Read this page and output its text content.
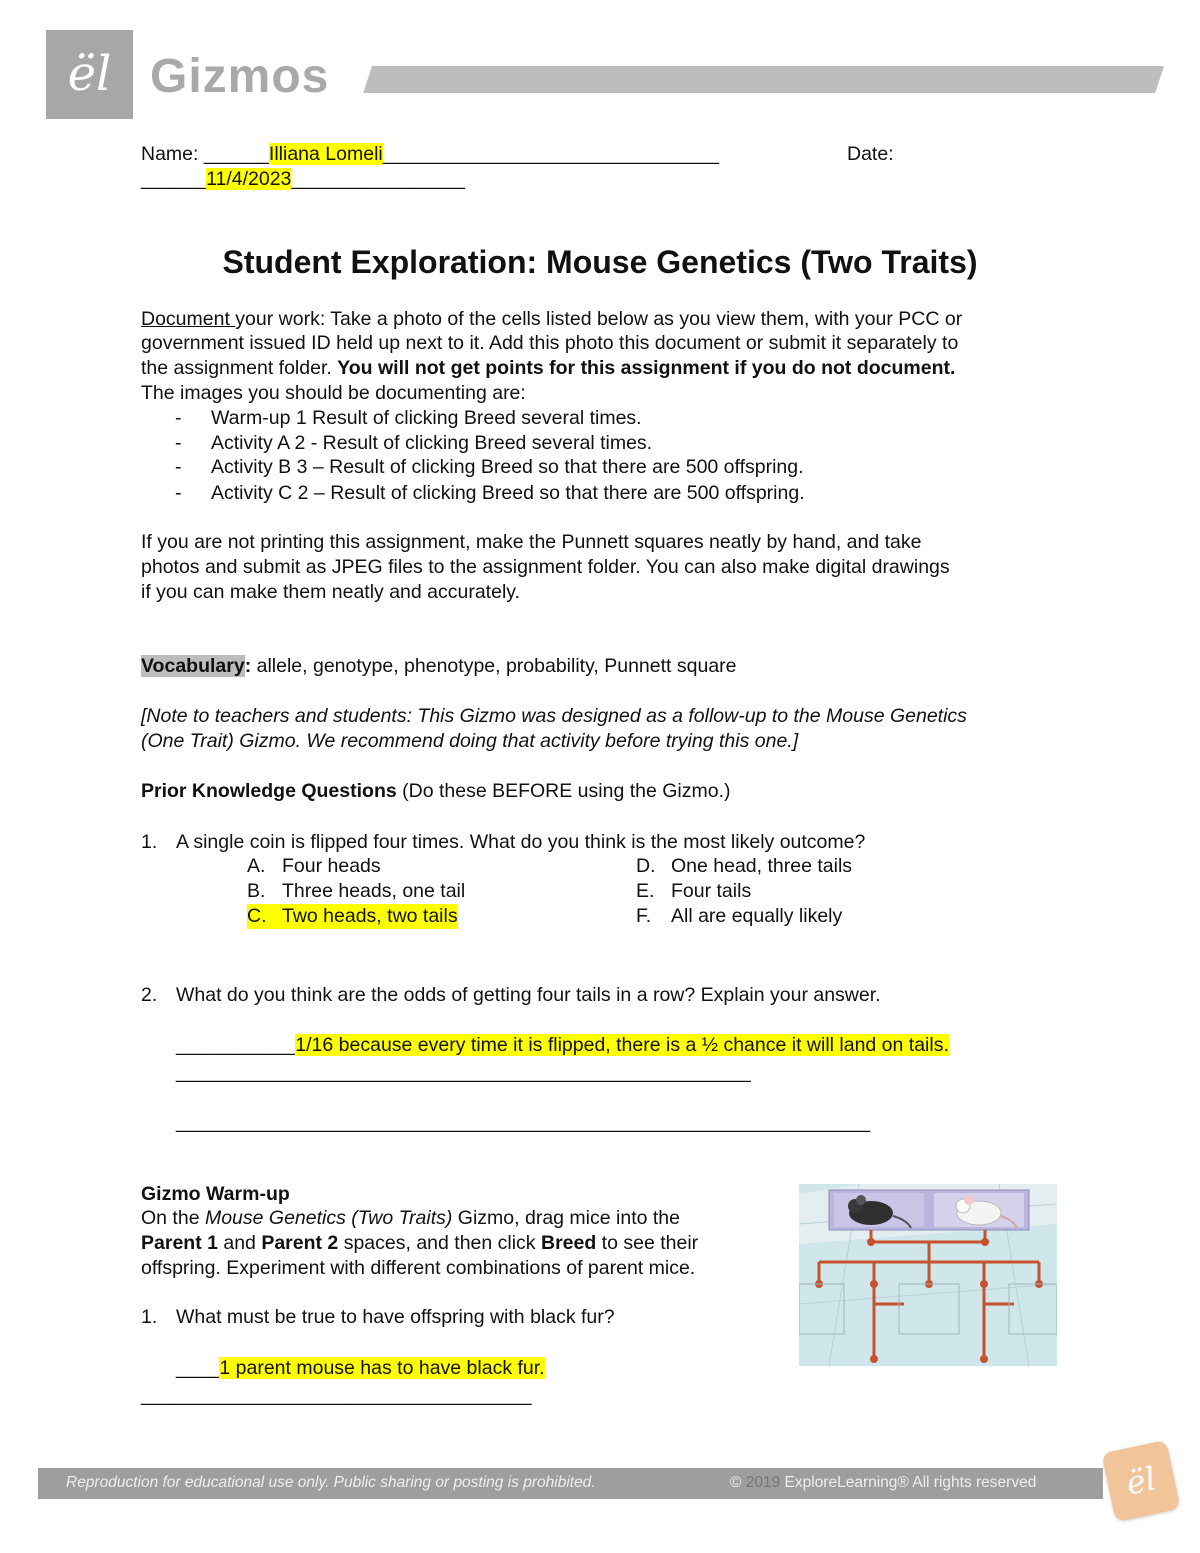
ël Gizmos
Name: ______Illiana Lomeli_______________________________	Date:
______11/4/2023________________
Student Exploration: Mouse Genetics (Two Traits)
Document your work: Take a photo of the cells listed below as you view them, with your PCC or
government issued ID held up next to it. Add this photo this document or submit it separately to
the assignment folder. You will not get points for this assignment if you do not document.
The images you should be documenting are:
- Warm-up 1 Result of clicking Breed several times.
- Activity A 2 - Result of clicking Breed several times.
- Activity B 3 – Result of clicking Breed so that there are 500 offspring.
- Activity C 2 – Result of clicking Breed so that there are 500 offspring.
If you are not printing this assignment, make the Punnett squares neatly by hand, and take
photos and submit as JPEG files to the assignment folder. You can also make digital drawings
if you can make them neatly and accurately.
Vocabulary: allele, genotype, phenotype, probability, Punnett square
[Note to teachers and students: This Gizmo was designed as a follow-up to the Mouse Genetics
(One Trait) Gizmo. We recommend doing that activity before trying this one.]
Prior Knowledge Questions (Do these BEFORE using the Gizmo.)
1. A single coin is flipped four times. What do you think is the most likely outcome?
A. Four heads
B. Three heads, one tail
C. Two heads, two tails
D. One head, three tails
E. Four tails
F. All are equally likely
2. What do you think are the odds of getting four tails in a row? Explain your answer.
___________1/16 because every time it is flipped, there is a ½ chance it will land on tails.
_____________________________________________________
________________________________________________________________
Gizmo Warm-up
On the Mouse Genetics (Two Traits) Gizmo, drag mice into the
Parent 1 and Parent 2 spaces, and then click Breed to see their
offspring. Experiment with different combinations of parent mice.
1. What must be true to have offspring with black fur?
____1 parent mouse has to have black fur.
____________________________________
Reproduction for educational use only. Public sharing or posting is prohibited.	© 2019 ExploreLearning® All rights reserved	ël
